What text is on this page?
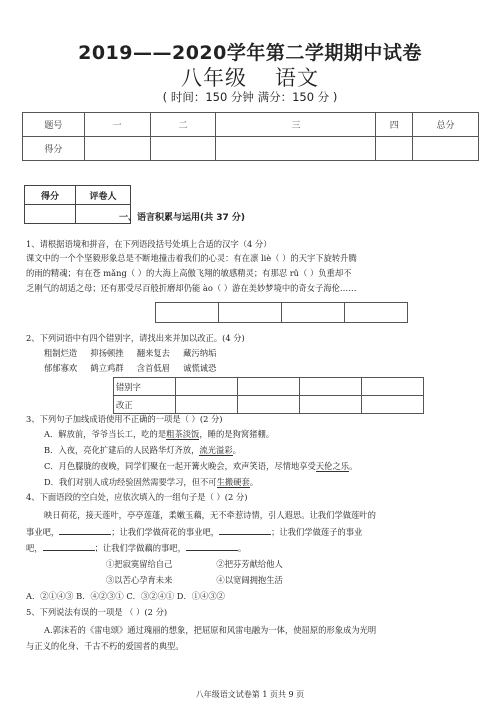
2019——2020学年第二学期期中试卷
八年级 语文
( 时间：150 分钟 满分：150 分 )
题号	一	二	三	四	总分
得分					
得分	评卷人

一、语言积累与运用(共 37 分)
1、请根据语境和拼音，在下列语段括号处填上合适的汉字（4 分）
课文中的一个个坚毅形象总是不断地撞击着我们的心灵：有在凛 liè（ ）的天宇下旋转升腾
的雨的精魂；有在苍 mǎng（ ）的大海上高傲飞翔的敏感精灵；有那忍 rǔ（ ）负重却不
乏刚气的胡适之母；还有那受尽百般折磨却仍能 ào（ ）游在美妙梦境中的奇女子海伦……

2、下列词语中有四个错别字，请找出来并加以改正。(4 分)
粗制烂造 抑扬顿挫 翻来复去 藏污纳垢
郁郁寡欢 鹤立鸡群 含首低眉 诚慌诚恐
错别字				
改正				
3、下列句子加线成语使用不正确的一项是（ ）(2 分)
A．解放前，爷爷当长工，吃的是粗茶淡饭，睡的是狗窝猪棚。
B．入夜，亮化扩建后的人民路华灯齐放，流光溢彩。
C．月色朦胧的夜晚，同学们聚在一起开篝火晚会，欢声笑语，尽情地享受天伦之乐。
D．我们对别人成功经验固然需要学习，但不可生搬硬套。
4、下面语段的空白处，应依次填入的一组句子是（ ）(2 分)
映日荷花，接天莲叶，亭亭莲蓬，柔嫩玉藕，无不牵惹诗情，引人遐思。让我们学做莲叶的
事业吧，	；让我们学做荷花的事业吧，	；让我们学做莲子的事业
吧，	；让我们学做藕的事吧，	。
①把寂寞留给自己	②把芬芳献给他人
③以苦心孕育未来	④以宽阔拥抱生活
A．②①④③ B．④②③① C．③②④① D．①④③②
5、下列说法有误的一项是 （ ）(2 分)
A.郭沫若的《雷电颂》通过瑰丽的想象，把屈原和风雷电融为一体，使屈原的形象成为光明
与正义的化身、千古不朽的爱国者的典型。
八年级语文试卷第 1 页共 9 页
